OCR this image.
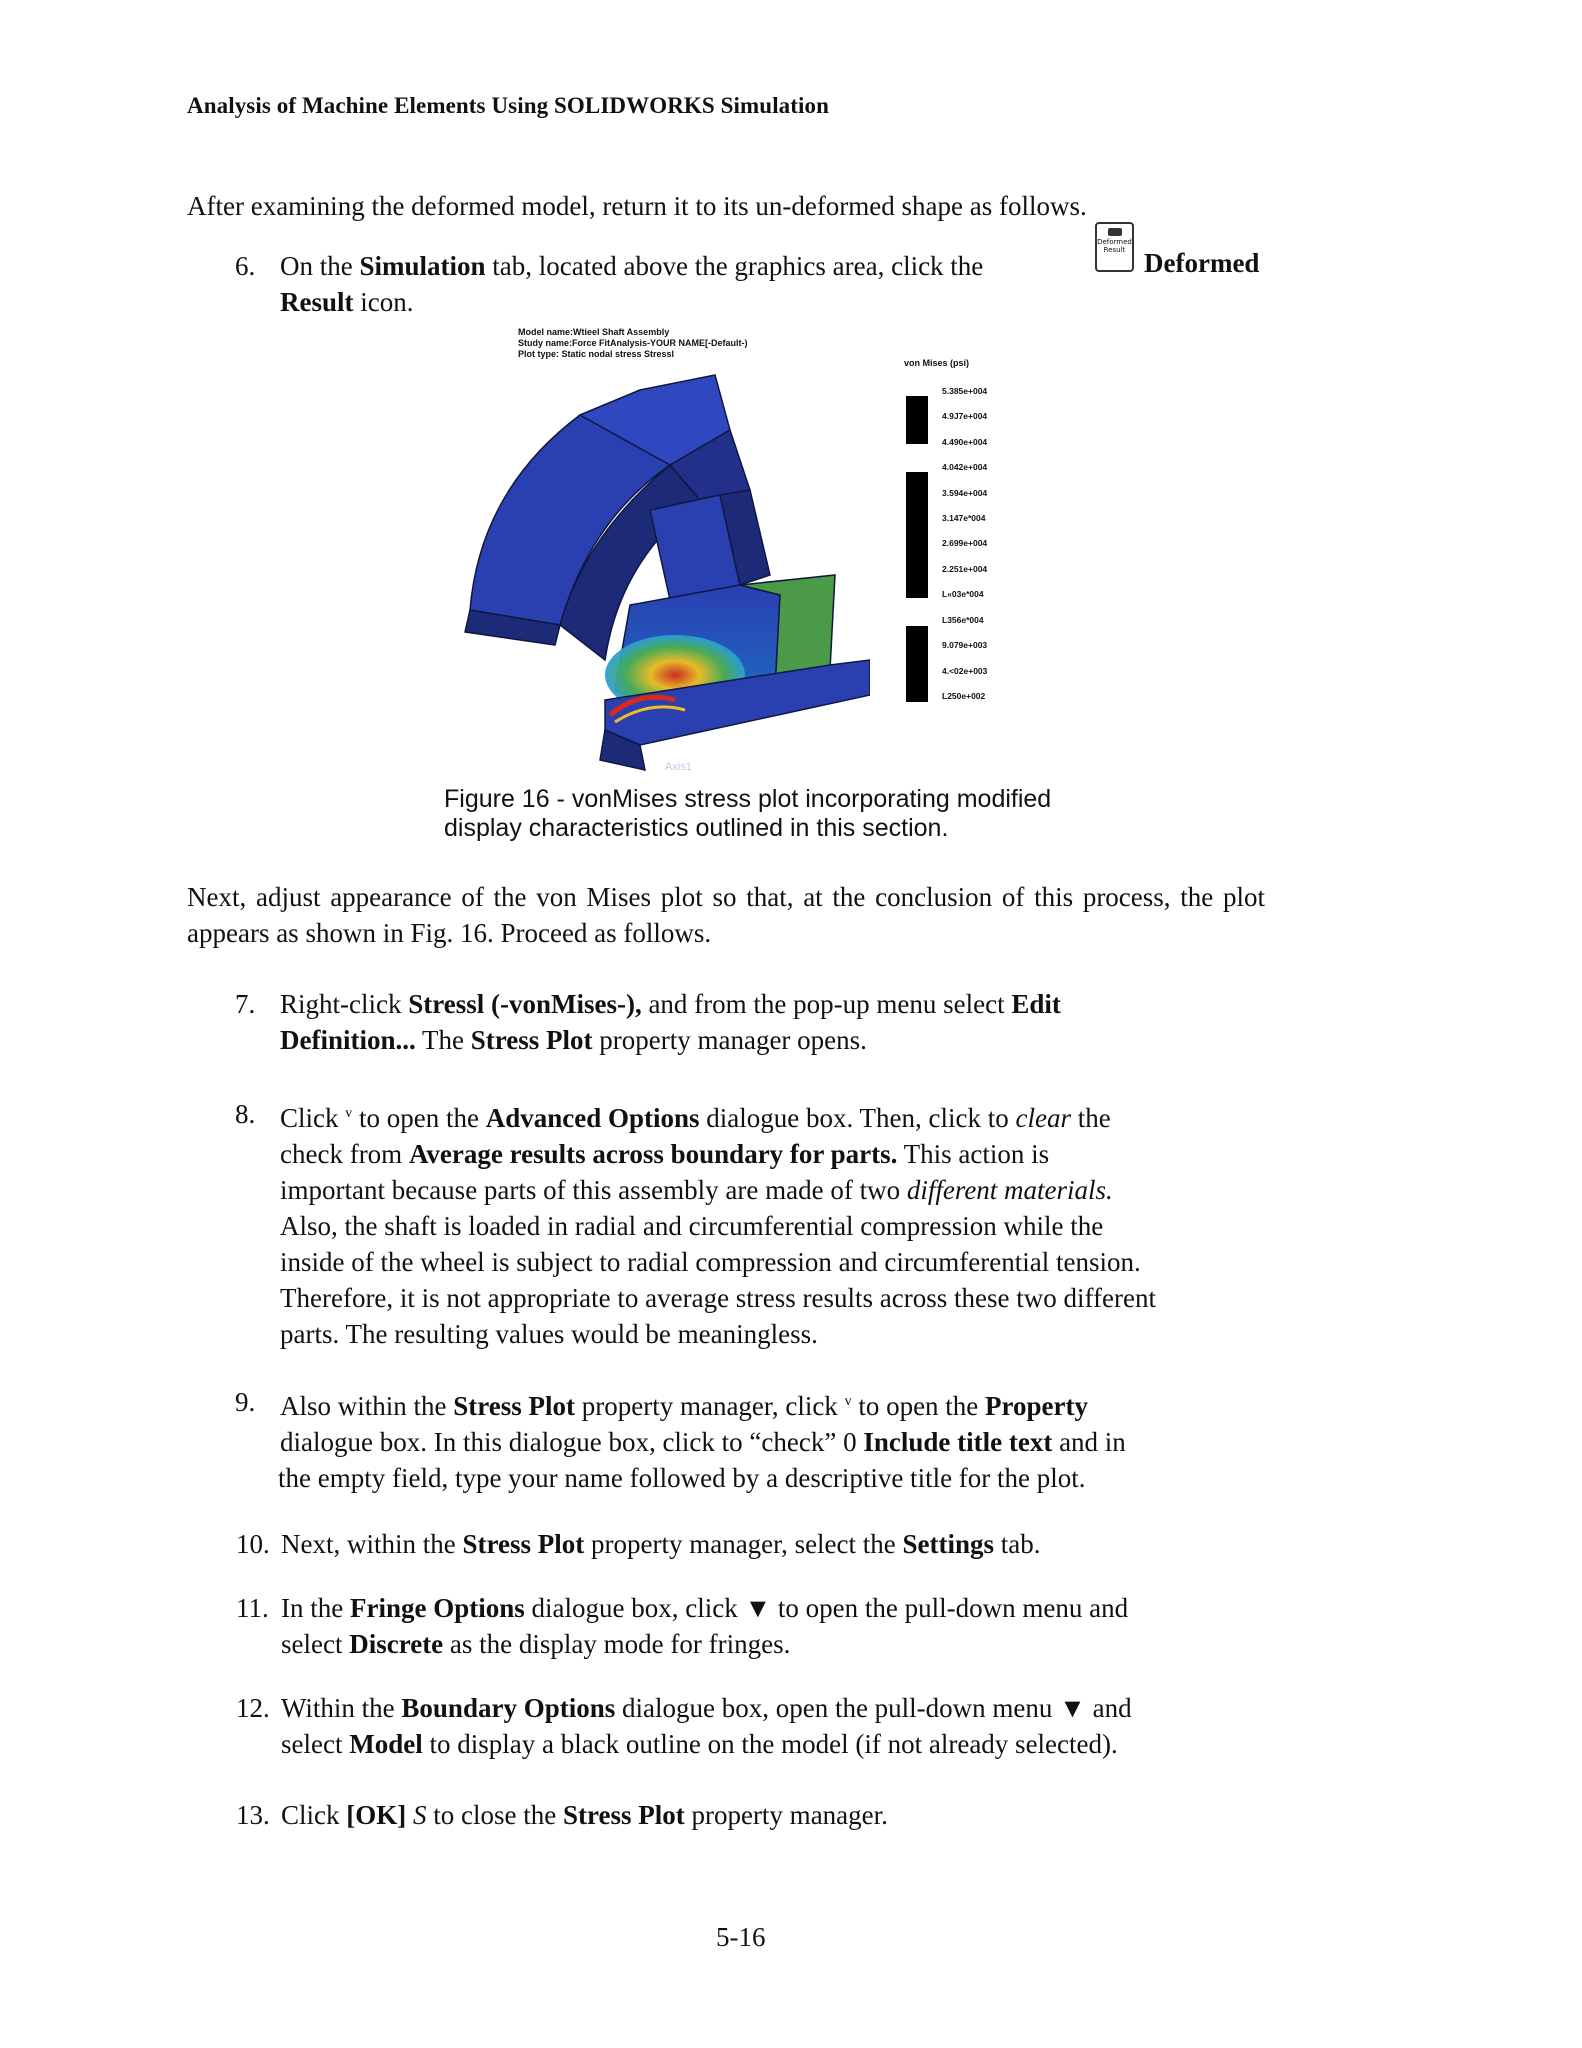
Analysis of Machine Elements Using SOLIDWORKS Simulation
After examining the deformed model, return it to its un-deformed shape as follows.
6. On the Simulation tab, located above the graphics area, click the
Deformed Result Deformed
Result icon.
Model name:Wtieel Shaft Assembly
Study name:Force FitAnalysis-YOUR NAME[-Default-)
Plot type: Static nodal stress Stressl
Axis1
von Mises (psi)
5.385e+004
4.9J7e+004
4.490e+004
4.042e+004
3.594e+004
3.147e*004
2.699e+004
2.251e+004
L«03e*004
L356e*004
9.079e+003
4.<02e+003
L250e+002
Figure 16 - vonMises stress plot incorporating modified
display characteristics outlined in this section.
Next, adjust appearance of the von Mises plot so that, at the conclusion of this process, the plot appears as shown in Fig. 16. Proceed as follows.
7. Right-click Stressl (-vonMises-), and from the pop-up menu select Edit
Definition... The Stress Plot property manager opens.
8. Click $^v$ to open the Advanced Options dialogue box. Then, click to clear the
check from Average results across boundary for parts. This action is
important because parts of this assembly are made of two different materials.
Also, the shaft is loaded in radial and circumferential compression while the
inside of the wheel is subject to radial compression and circumferential tension.
Therefore, it is not appropriate to average stress results across these two different
parts. The resulting values would be meaningless.
9. Also within the Stress Plot property manager, click $^v$ to open the Property
dialogue box. In this dialogue box, click to “check” 0 Include title text and in
the empty field, type your name followed by a descriptive title for the plot.
10. Next, within the Stress Plot property manager, select the Settings tab.
11. In the Fringe Options dialogue box, click ▼ to open the pull-down menu and
select Discrete as the display mode for fringes.
12. Within the Boundary Options dialogue box, open the pull-down menu ▼ and
select Model to display a black outline on the model (if not already selected).
13. Click [OK] S to close the Stress Plot property manager.
5-16
